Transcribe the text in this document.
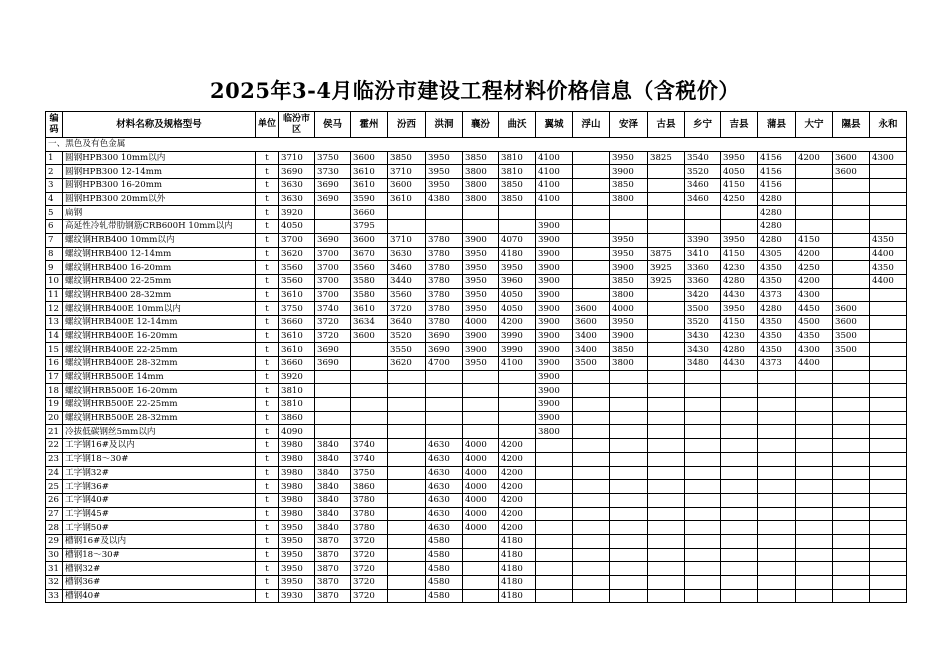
2025年3-4月临汾市建设工程材料价格信息（含税价）
编码	材料名称及规格型号	单位	临汾市区	侯马	霍州	汾西	洪洞	襄汾	曲沃	翼城	浮山	安泽	古县	乡宁	吉县	蒲县	大宁	隰县	永和
一、黑色及有色金属																			
1	圆钢HPB300 10mm以内	t	3710	3750	3600	3850	3950	3850	3810	4100		3950	3825	3540	3950	4156	4200	3600	4300
2	圆钢HPB300 12-14mm	t	3690	3730	3610	3710	3950	3800	3810	4100		3900		3520	4050	4156		3600	
3	圆钢HPB300 16-20mm	t	3630	3690	3610	3600	3950	3800	3850	4100		3850		3460	4150	4156			
4	圆钢HPB300 20mm以外	t	3630	3690	3590	3610	4380	3800	3850	4100		3800		3460	4250	4280			
5	扁钢	t	3920		3660											4280			
6	高延性冷轧带肋钢筋CRB600H 10mm以内	t	4050		3795					3900						4280			
7	螺纹钢HRB400 10mm以内	t	3700	3690	3600	3710	3780	3900	4070	3900		3950		3390	3950	4280	4150		4350
8	螺纹钢HRB400 12-14mm	t	3620	3700	3670	3630	3780	3950	4180	3900		3950	3875	3410	4150	4305	4200		4400
9	螺纹钢HRB400 16-20mm	t	3560	3700	3560	3460	3780	3950	3950	3900		3900	3925	3360	4230	4350	4250		4350
10	螺纹钢HRB400 22-25mm	t	3560	3700	3580	3440	3780	3950	3960	3900		3850	3925	3360	4280	4350	4200		4400
11	螺纹钢HRB400 28-32mm	t	3610	3700	3580	3560	3780	3950	4050	3900		3800		3420	4430	4373	4300		
12	螺纹钢HRB400E 10mm以内	t	3750	3740	3610	3720	3780	3950	4050	3900	3600	4000		3500	3950	4280	4450	3600	
13	螺纹钢HRB400E 12-14mm	t	3660	3720	3634	3640	3780	4000	4200	3900	3600	3950		3520	4150	4350	4500	3600	
14	螺纹钢HRB400E 16-20mm	t	3610	3720	3600	3520	3690	3900	3990	3900	3400	3900		3430	4230	4350	4350	3500	
15	螺纹钢HRB400E 22-25mm	t	3610	3690		3550	3690	3900	3990	3900	3400	3850		3430	4280	4350	4300	3500	
16	螺纹钢HRB400E 28-32mm	t	3660	3690		3620	4700	3950	4100	3900	3500	3800		3480	4430	4373	4400		
17	螺纹钢HRB500E 14mm	t	3920							3900									
18	螺纹钢HRB500E 16-20mm	t	3810							3900									
19	螺纹钢HRB500E 22-25mm	t	3810							3900									
20	螺纹钢HRB500E 28-32mm	t	3860							3900									
21	冷拔低碳钢丝5mm以内	t	4090							3800									
22	工字钢16#及以内	t	3980	3840	3740		4630	4000	4200										
23	工字钢18～30#	t	3980	3840	3740		4630	4000	4200										
24	工字钢32#	t	3980	3840	3750		4630	4000	4200										
25	工字钢36#	t	3980	3840	3860		4630	4000	4200										
26	工字钢40#	t	3980	3840	3780		4630	4000	4200										
27	工字钢45#	t	3980	3840	3780		4630	4000	4200										
28	工字钢50#	t	3950	3840	3780		4630	4000	4200										
29	槽钢16#及以内	t	3950	3870	3720		4580		4180										
30	槽钢18～30#	t	3950	3870	3720		4580		4180										
31	槽钢32#	t	3950	3870	3720		4580		4180										
32	槽钢36#	t	3950	3870	3720		4580		4180										
33	槽钢40#	t	3930	3870	3720		4580		4180										
